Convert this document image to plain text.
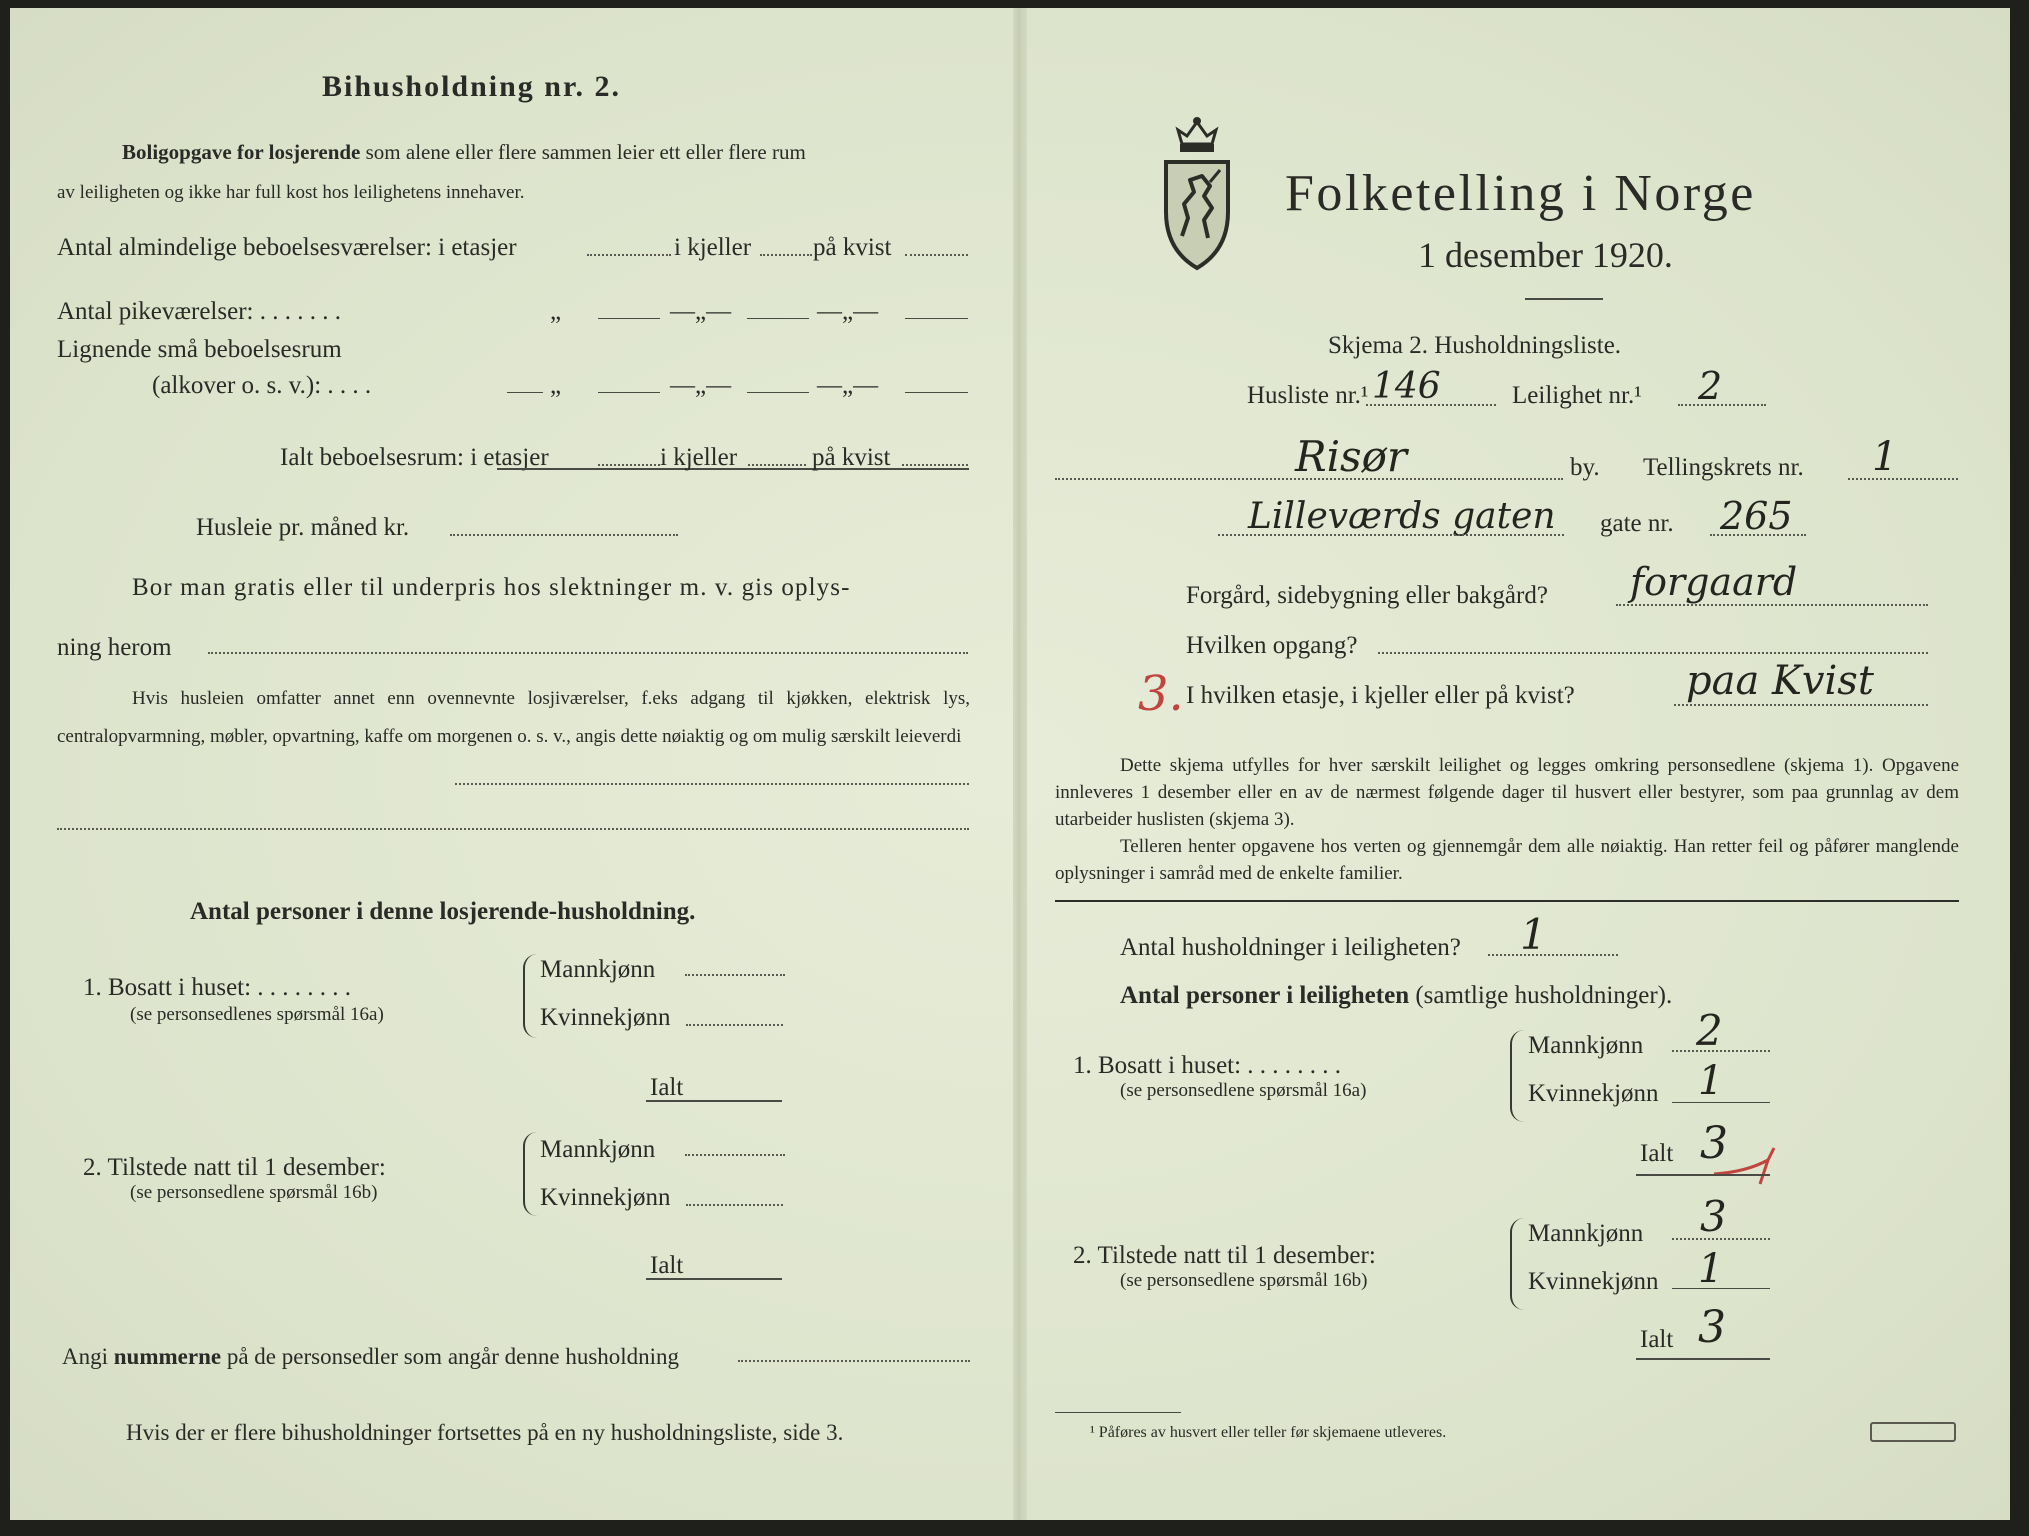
Bihusholdning nr. 2.
Boligopgave for losjerende som alene eller flere sammen leier ett eller flere rum
av leiligheten og ikke har full kost hos leilighetens innehaver.
Antal almindelige beboelsesværelser: i etasjer	i kjeller på kvist
Antal pikeværelser: . . . . . . .	„	—„—	—„—
Lignende små beboelsesrum
(alkover o. s. v.): . . . .	„	—„—	—„—
Ialt beboelsesrum: i etasjer	i kjeller	på kvist
Husleie pr. måned kr.
Bor man gratis eller til underpris hos slektninger m. v. gis oplys-
ning herom
Hvis husleien omfatter annet enn ovennevnte losjiværelser, f.eks adgang til kjøkken, elektrisk lys, centralopvarmning, møbler, opvartning, kaffe om morgenen o. s. v., angis dette nøiaktig og om mulig særskilt leieverdi
Antal personer i denne losjerende-husholdning.
1. Bosatt i huset: . . . . . . . .
(se personsedlenes spørsmål 16a)
Mannkjønn
Kvinnekjønn
Ialt
2. Tilstede natt til 1 desember:
(se personsedlene spørsmål 16b)
Mannkjønn
Kvinnekjønn
Ialt
Angi nummerne på de personsedler som angår denne husholdning
Hvis der er flere bihusholdninger fortsettes på en ny husholdningsliste, side 3.
Folketelling i Norge
1 desember 1920.
Skjema 2. Husholdningsliste.
Husliste nr.¹ 146	Leilighet nr.¹ 2
Risør	by. Tellingskrets nr. 1
Lilleværds gaten gate nr. 265
Forgård, sidebygning eller bakgård? forgaard
Hvilken opgang?
3. I hvilken etasje, i kjeller eller på kvist?	paa Kvist
Dette skjema utfylles for hver særskilt leilighet og legges omkring personsedlene (skjema 1). Opgavene innleveres 1 desember eller en av de nærmest følgende dager til husvert eller bestyrer, som paa grunnlag av dem utarbeider huslisten (skjema 3).
Telleren henter opgavene hos verten og gjennemgår dem alle nøiaktig. Han retter feil og påfører manglende oplysninger i samråd med de enkelte familier.
Antal husholdninger i leiligheten? 1
Antal personer i leiligheten (samtlige husholdninger).
1. Bosatt i huset: . . . . . . . .
(se personsedlene spørsmål 16a)
Mannkjønn 2
Kvinnekjønn 1
Ialt 3
2. Tilstede natt til 1 desember:
(se personsedlene spørsmål 16b)
Mannkjønn 3
Kvinnekjønn 1
Ialt 3
¹ Påføres av husvert eller teller før skjemaene utleveres.
